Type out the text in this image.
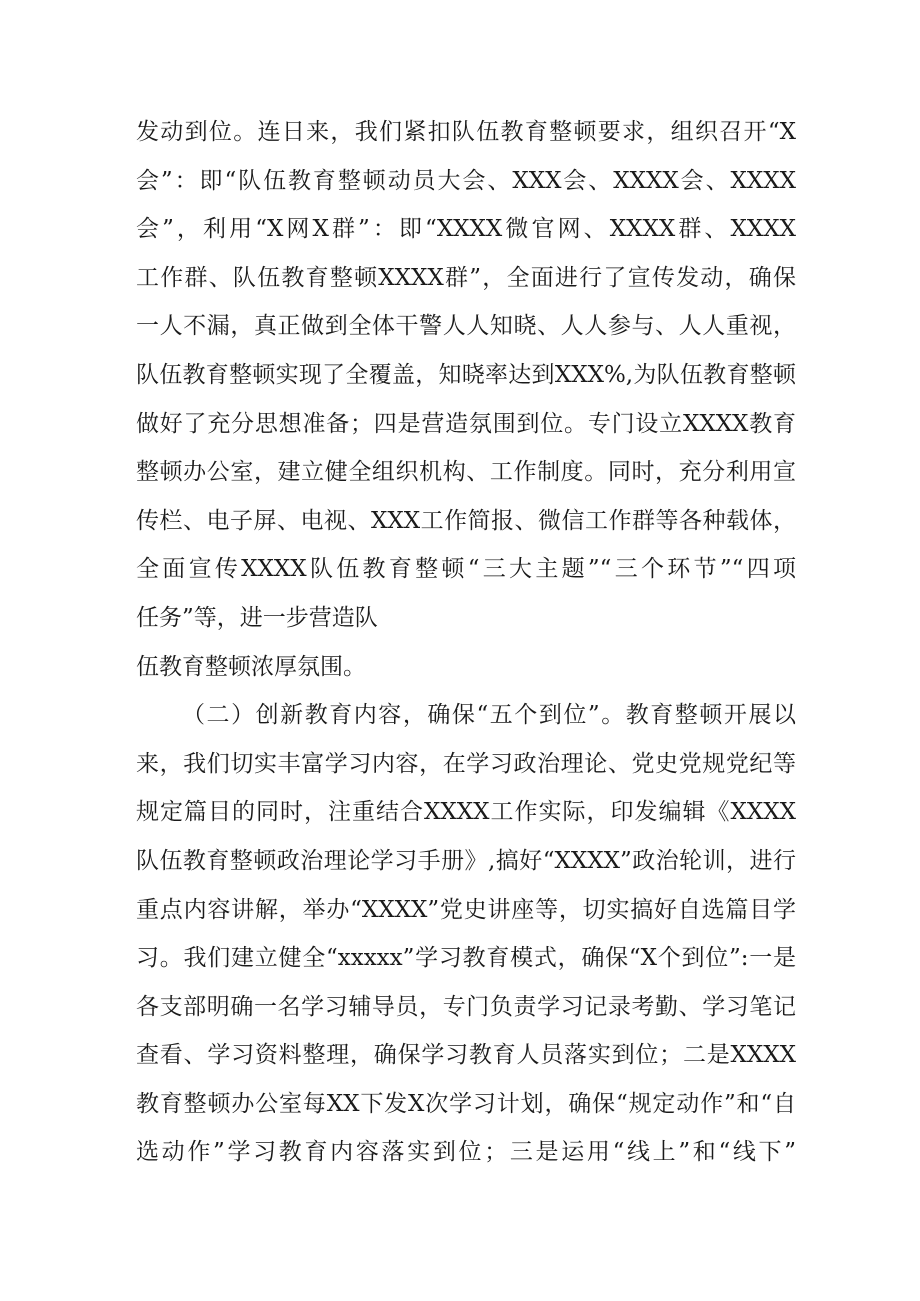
发动到位。连日来，我们紧扣队伍教育整顿要求，组织召开“X
会”：即“队伍教育整顿动员大会、XXX会、XXXX会、XXXX
会”，利用“X网X群”：即“XXXX微官网、XXXX群、XXXX
工作群、队伍教育整顿XXXX群”，全面进行了宣传发动，确保
一人不漏，真正做到全体干警人人知晓、人人参与、人人重视，
队伍教育整顿实现了全覆盖，知晓率达到XXX%,为队伍教育整顿
做好了充分思想准备；四是营造氛围到位。专门设立XXXX教育
整顿办公室，建立健全组织机构、工作制度。同时，充分利用宣
传栏、电子屏、电视、XXX工作简报、微信工作群等各种载体，
全面宣传XXXX队伍教育整顿“三大主题”“三个环节”“四项
任务”等，进一步营造队
伍教育整顿浓厚氛围。
（二）创新教育内容，确保“五个到位”。教育整顿开展以
来，我们切实丰富学习内容，在学习政治理论、党史党规党纪等
规定篇目的同时，注重结合XXXX工作实际，印发编辑《XXXX
队伍教育整顿政治理论学习手册》,搞好“XXXX”政治轮训，进行
重点内容讲解，举办“XXXX”党史讲座等，切实搞好自选篇目学
习。我们建立健全“xxxxx”学习教育模式，确保“X个到位”:一是
各支部明确一名学习辅导员，专门负责学习记录考勤、学习笔记
查看、学习资料整理，确保学习教育人员落实到位；二是XXXX
教育整顿办公室每XX下发X次学习计划，确保“规定动作”和“自
选动作”学习教育内容落实到位；三是运用“线上”和“线下”
